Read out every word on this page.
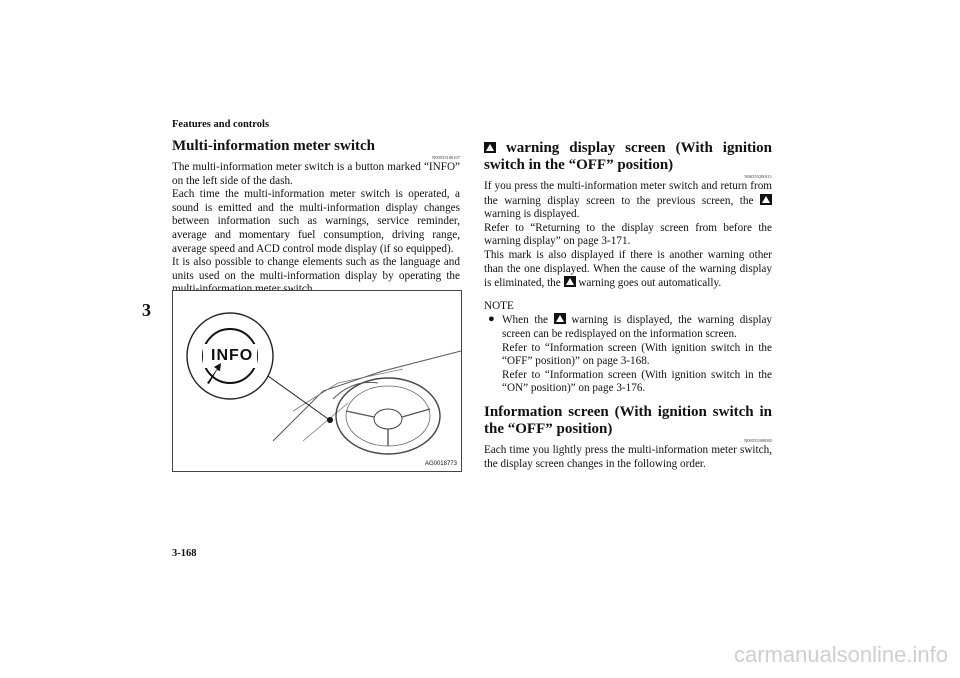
Features and controls
3
Multi-information meter switch
N00555100107

The multi-information meter switch is a button marked “INFO” on the left side of the dash.

Each time the multi-information meter switch is operated, a sound is emitted and the multi-information display changes between information such as warnings, service reminder, average and momentary fuel consumption, driving range, average speed and ACD control mode display (if so equipped).

It is also possible to change elements such as the language and units used on the multi-information display by operating the

INFO
AG0018773
warning display screen (With ignition switch in the “OFF” position)
N00555200111

If you press the multi-information meter switch and return from the warning display screen to the previous screen, the  warning is displayed.

Refer to “Returning to the display screen from before the warning display” on page 3-171.

This mark is also displayed if there is another warning other than the one displayed. When the cause of the warning display is eliminated, the warning goes out automatically.

NOTE
● When the warning is displayed, the warning display screen can be redisplayed on the information screen.

Refer to “Information screen (With ignition switch in the “OFF” position)” on page 3-168.

Refer to “Information screen (With ignition switch in the “ON” position)” on page 3-176.

Information screen (With ignition switch in the “OFF” position)
N00555300082

Each time you lightly press the multi-information meter switch, the display screen changes in the following order.

3-168
carmanualsonline.info
